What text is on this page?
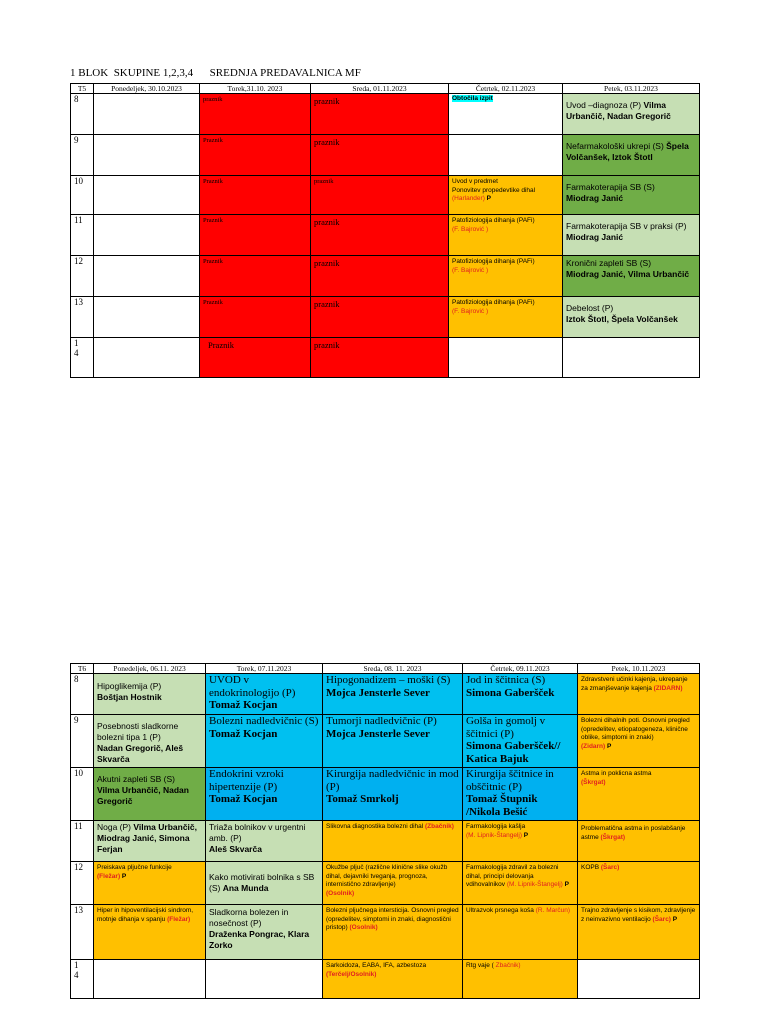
1 BLOK  SKUPINE 1,2,3,4      SREDNJA PREDAVALNICA MF
T5	Ponedeljek, 30.10.2023	Torek,31.10. 2023	Sreda, 01.11.2023	Četrtek, 02.11.2023	Petek, 03.11.2023
8		praznik	praznik	Obtočila izpit	Uvod –diagnoza (P) Vilma Urbančič, Nadan Gregorič
9		Praznik	praznik		Nefarmakološki ukrepi (S) Špela Volčanšek, Iztok Štotl
10		Praznik	praznik	Uvod v predmet
Ponovitev propedevtike dihal (Harlander) P	Farmakoterapija SB (S)
Miodrag Janić
11		Praznik	praznik	Patofiziologija dihanja (PAFi)
(F. Bajrović )	Farmakoterapija SB v praksi (P) Miodrag Janić
12		Praznik	praznik	Patofiziologija dihanja (PAFi)
(F. Bajrović )	Kronični zapleti SB (S)
Miodrag Janić, Vilma Urbančič
13		Praznik	praznik	Patofiziologija dihanja (PAFi)
(F. Bajrović )	Debelost (P)
Iztok Štotl, Špela Volčanšek
1
4		Praznik	praznik		
T6	Ponedeljek, 06.11. 2023	Torek, 07.11.2023	Sreda, 08. 11. 2023	Četrtek, 09.11.2023	Petek, 10.11.2023
8	Hipoglikemija (P)
Boštjan Hostnik	UVOD v endokrinologijo (P)
Tomaž Kocjan	Hipogonadizem – moški (S)
Mojca Jensterle Sever	Jod in ščitnica (S)
Simona Gaberšček	Zdravstveni učinki kajenja, ukrepanje za zmanjševanje kajenja (ZIDARN)
9	Posebnosti sladkorne bolezni tipa 1 (P)
Nadan Gregorič, Aleš Skvarča	Bolezni nadledvičnic (S) Tomaž Kocjan	Tumorji nadledvičnic (P)
Mojca Jensterle Sever	Golša in gomolj v ščitnici (P)
Simona Gaberšček// Katica Bajuk	Bolezni dihalnih poti. Osnovni pregled (opredelitev, etiopatogeneza, klinične oblike, simptomi in znaki)
(Zidarn) P
10	Akutni zapleti SB (S)
Vilma Urbančič, Nadan Gregorič	Endokrini vzroki hipertenzije (P)
Tomaž Kocjan	Kirurgija nadledvičnic in mod (P)
Tomaž Smrkolj	Kirurgija ščitnice in obščitnic (P)
Tomaž Štupnik /Nikola Bešić	Astma in poklicna astma
(Škrgat)
11	Noga (P) Vilma Urbančič, Miodrag Janić, Simona Ferjan	Triaža bolnikov v urgentni amb. (P)
Aleš Skvarča	Slikovna diagnostika bolezni dihal (Zbačnik)	Farmakologija kašlja
(M. Lipnik-Štangelj) P	Problematična astma in poslabšanje astme (Škrgat)
12	Preiskava pljučne funkcije
(Fležar) P	Kako motivirati bolnika s SB (S) Ana Munda	Okužbe pljuč (različne klinične slike okužb dihal, dejavniki tveganja, prognoza, internistično zdravljenje)
(Osolnik)	Farmakologija zdravil za bolezni dihal, principi delovanja vdihovalnikov (M. Lipnik-Štangelj) P	KOPB (Šarc)
13	Hiper in hipoventilacijski sindrom, motnje dihanja v spanju (Fležar)	Sladkorna bolezen in nosečnost (P)
Draženka Pongrac, Klara Zorko	Bolezni pljučnega intersticija. Osnovni pregled (opredelitev, simptomi in znaki, diagnostični pristop) (Osolnik)	Ultrazvok prsnega koša (R. Marčun)	Trajno zdravljenje s kisikom, zdravljenje z neinvazivno ventilacijo (Šarc) P
1
4			Sarkoidoza, EABA, IFA, azbestoza
(Terčelj/Osolnik)	Rtg vaje ( Zbačnik)	
